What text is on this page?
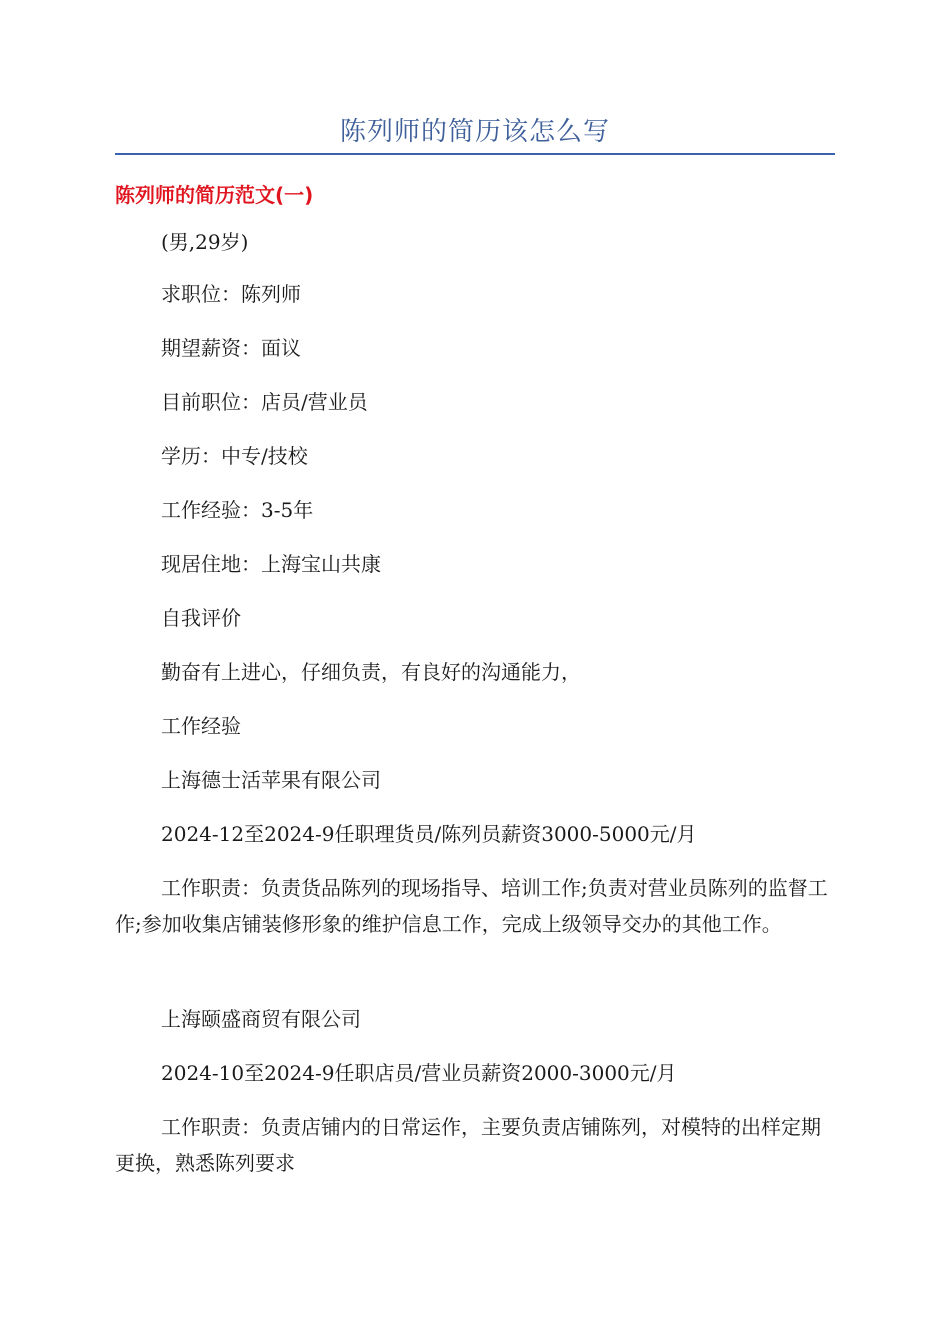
陈列师的简历该怎么写
陈列师的简历范文(一)
(男,29岁)
求职位：陈列师
期望薪资：面议
目前职位：店员/营业员
学历：中专/技校
工作经验：3-5年
现居住地：上海宝山共康
自我评价
勤奋有上进心，仔细负责，有良好的沟通能力，
工作经验
上海德士活苹果有限公司
2024-12至2024-9任职理货员/陈列员薪资3000-5000元/月
工作职责：负责货品陈列的现场指导、培训工作;负责对营业员陈列的监督工作;参加收集店铺装修形象的维护信息工作，完成上级领导交办的其他工作。
上海颐盛商贸有限公司
2024-10至2024-9任职店员/营业员薪资2000-3000元/月
工作职责：负责店铺内的日常运作，主要负责店铺陈列，对模特的出样定期更换，熟悉陈列要求
